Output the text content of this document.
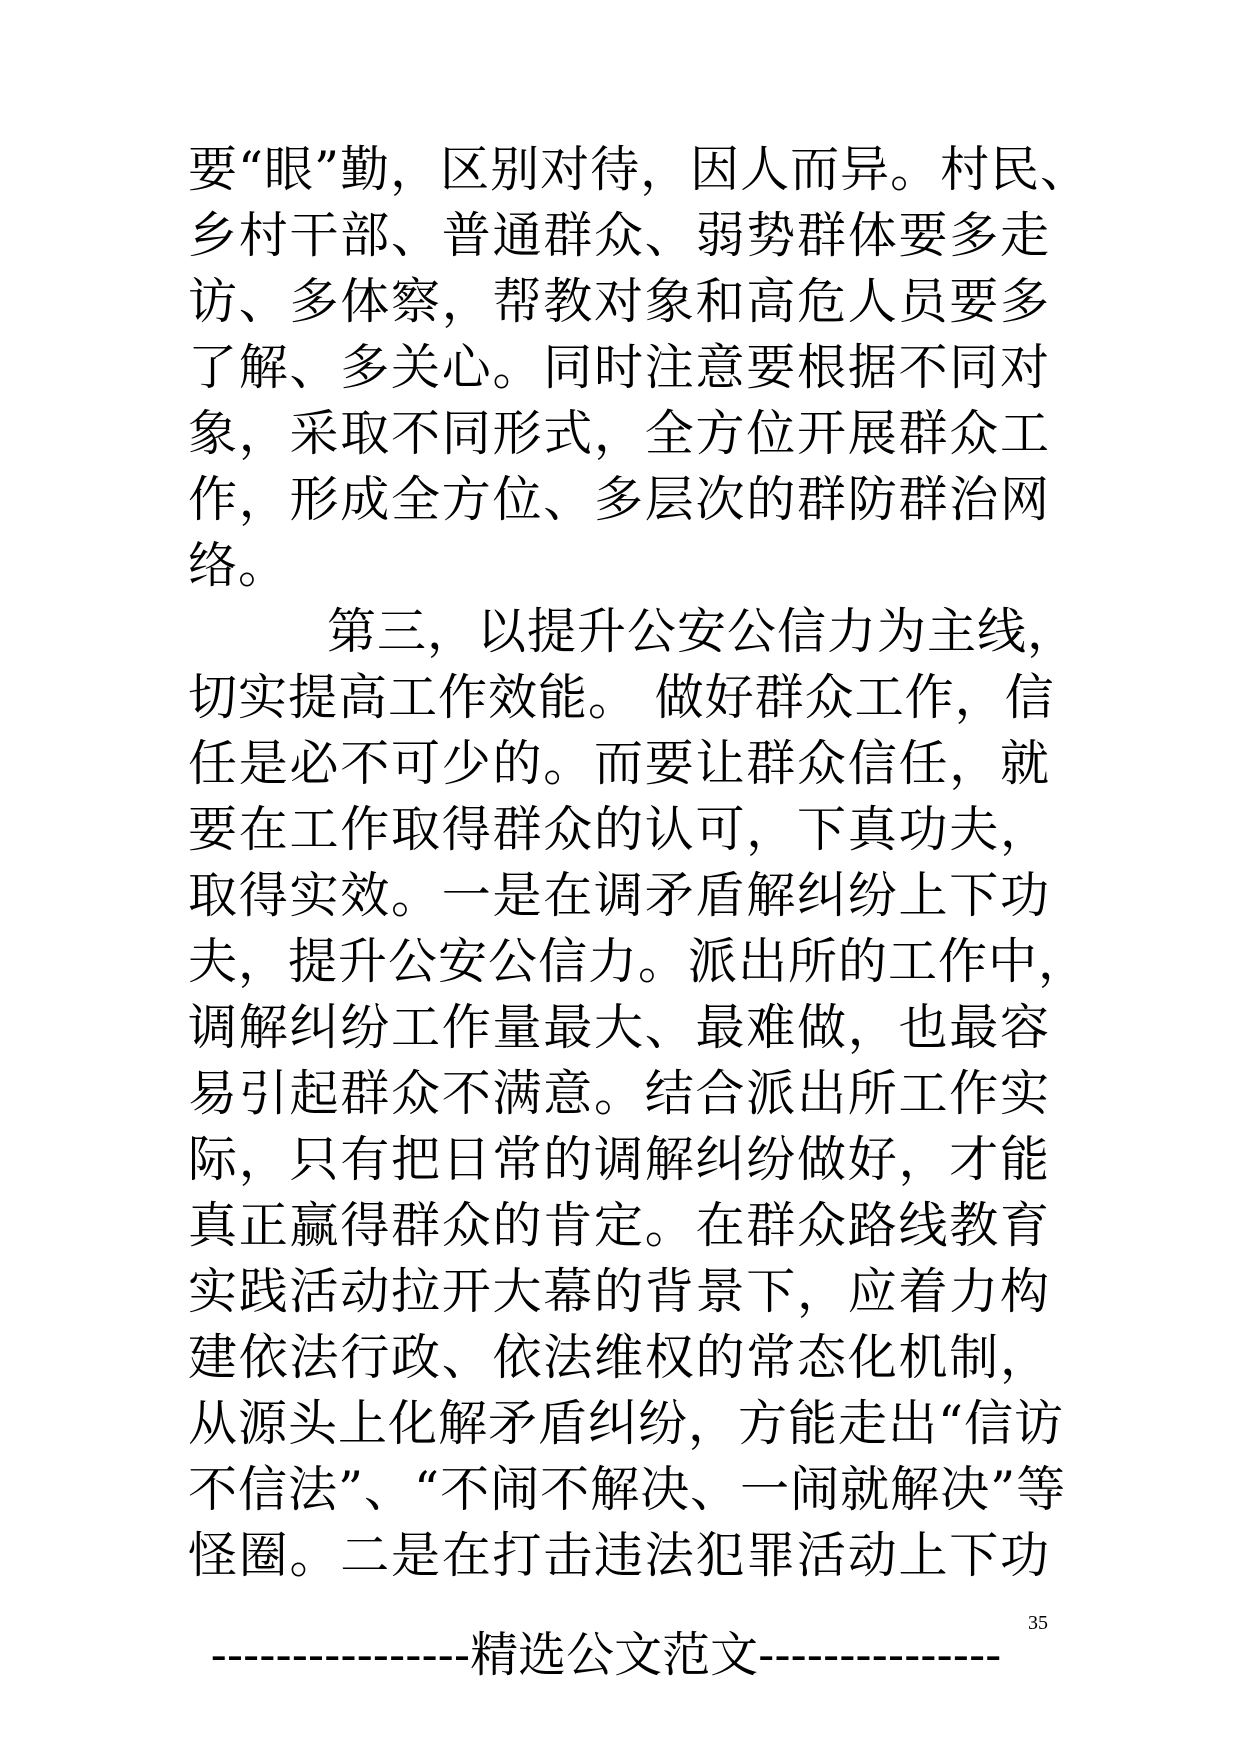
要“眼”勤，区别对待，因人而异。村民、
乡村干部、普通群众、弱势群体要多走
访、多体察，帮教对象和高危人员要多
了解、多关心。同时注意要根据不同对
象，采取不同形式，全方位开展群众工
作，形成全方位、多层次的群防群治网
络。
第三，以提升公安公信力为主线，
切实提高工作效能。 做好群众工作，信
任是必不可少的。而要让群众信任，就
要在工作取得群众的认可，下真功夫，
取得实效。一是在调矛盾解纠纷上下功
夫，提升公安公信力。派出所的工作中，
调解纠纷工作量最大、最难做，也最容
易引起群众不满意。结合派出所工作实
际，只有把日常的调解纠纷做好，才能
真正赢得群众的肯定。在群众路线教育
实践活动拉开大幕的背景下，应着力构
建依法行政、依法维权的常态化机制，
从源头上化解矛盾纠纷，方能走出“信访
不信法”、“不闹不解决、一闹就解决”等
怪圈。二是在打击违法犯罪活动上下功
35
----------------精选公文范文---------------
